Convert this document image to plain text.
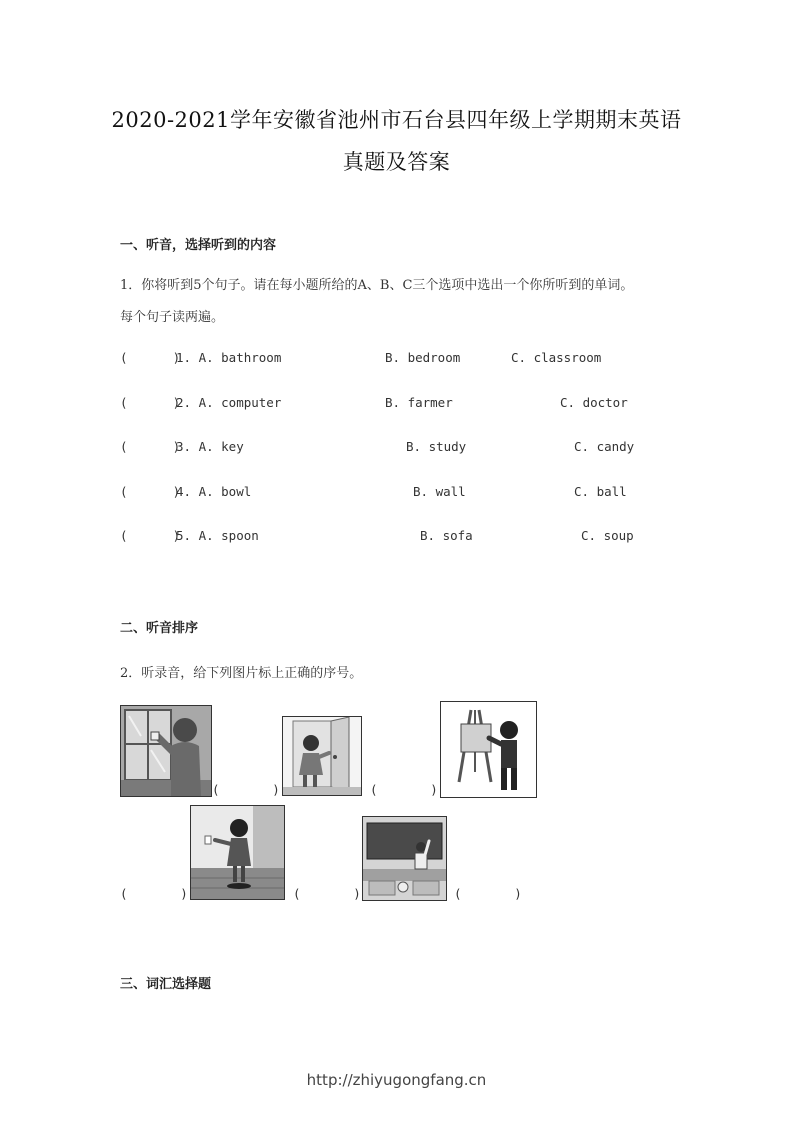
2020-2021学年安徽省池州市石台县四年级上学期期末英语
真题及答案
一、听音，选择听到的内容
1．你将听到5个句子。请在每小题所给的A、B、C三个选项中选出一个你所听到的单词。
每个句子读两遍。
(      )
1. A. bathroom	B. bedroom	C. classroom
(      )
2. A. computer	B. farmer	C. doctor
(      )
3. A. key	B. study	C. candy
(      )
4. A. bowl	B. wall	C. ball
(      )
5. A. spoon	B. sofa	C. soup
二、听音排序
2．听录音，给下列图片标上正确的序号。
(       )	(       )
(       )	(       )	(       )
三、词汇选择题
http://zhiyugongfang.cn
